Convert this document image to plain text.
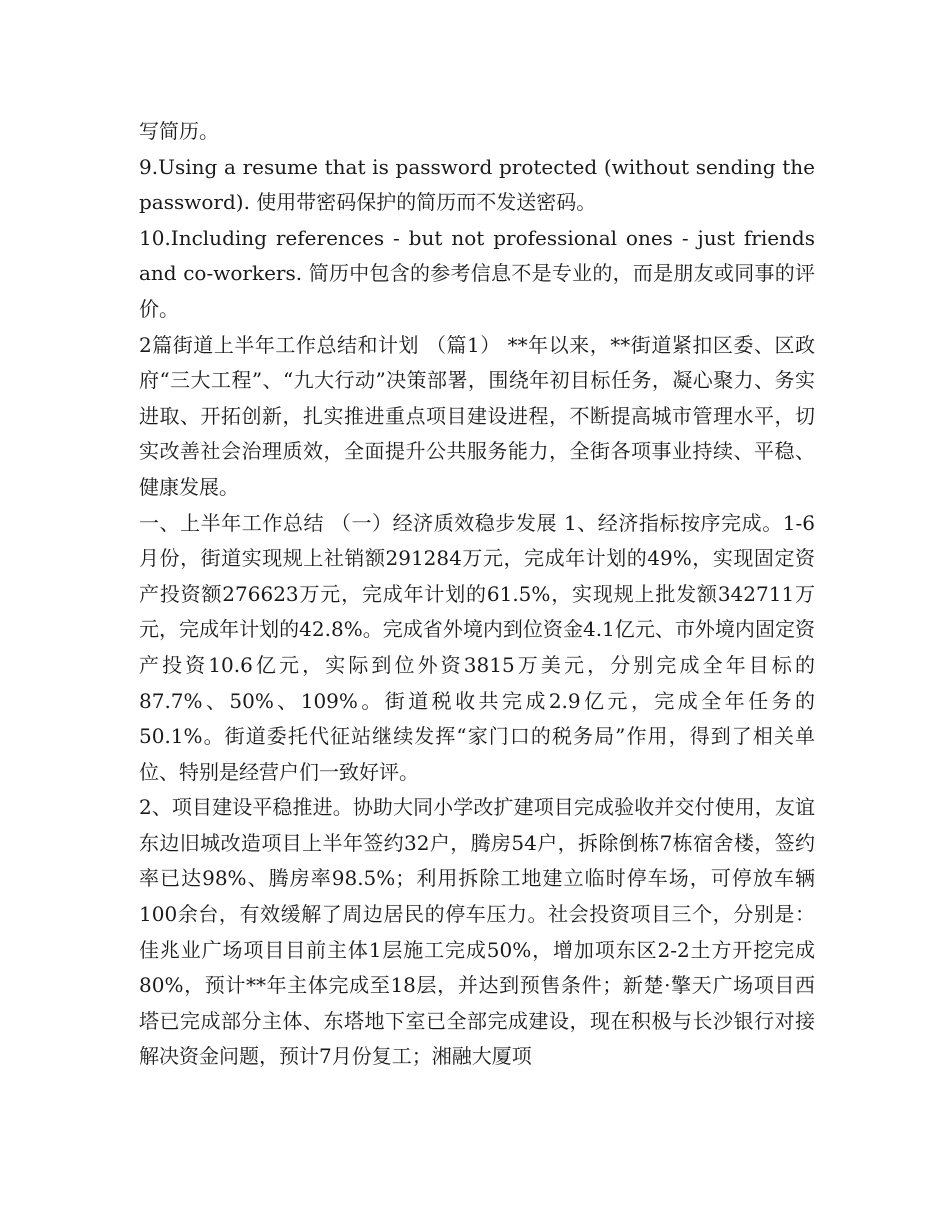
写简历。

9.Using a resume that is password protected (without sending the password). 使用带密码保护的简历而不发送密码。

10.Including references - but not professional ones - just friends and co-workers. 简历中包含的参考信息不是专业的，而是朋友或同事的评价。

2篇街道上半年工作总结和计划 （篇1） **年以来，**街道紧扣区委、区政府“三大工程”、“九大行动”决策部署，围绕年初目标任务，凝心聚力、务实进取、开拓创新，扎实推进重点项目建设进程，不断提高城市管理水平，切实改善社会治理质效，全面提升公共服务能力，全街各项事业持续、平稳、健康发展。

一、上半年工作总结 （一）经济质效稳步发展 1、经济指标按序完成。1-6月份，街道实现规上社销额291284万元，完成年计划的49%，实现固定资产投资额276623万元，完成年计划的61.5%，实现规上批发额342711万元，完成年计划的42.8%。完成省外境内到位资金4.1亿元、市外境内固定资产投资10.6亿元，实际到位外资3815万美元，分别完成全年目标的87.7%、50%、109%。街道税收共完成2.9亿元，完成全年任务的50.1%。街道委托代征站继续发挥“家门口的税务局”作用，得到了相关单位、特别是经营户们一致好评。

2、项目建设平稳推进。协助大同小学改扩建项目完成验收并交付使用，友谊东边旧城改造项目上半年签约32户，腾房54户，拆除倒栋7栋宿舍楼，签约率已达98%、腾房率98.5%；利用拆除工地建立临时停车场，可停放车辆100余台，有效缓解了周边居民的停车压力。社会投资项目三个，分别是：佳兆业广场项目目前主体1层施工完成50%，增加项东区2-2土方开挖完成80%，预计**年主体完成至18层，并达到预售条件；新楚·擎天广场项目西塔已完成部分主体、东塔地下室已全部完成建设，现在积极与长沙银行对接解决资金问题，预计7月份复工；湘融大厦项
